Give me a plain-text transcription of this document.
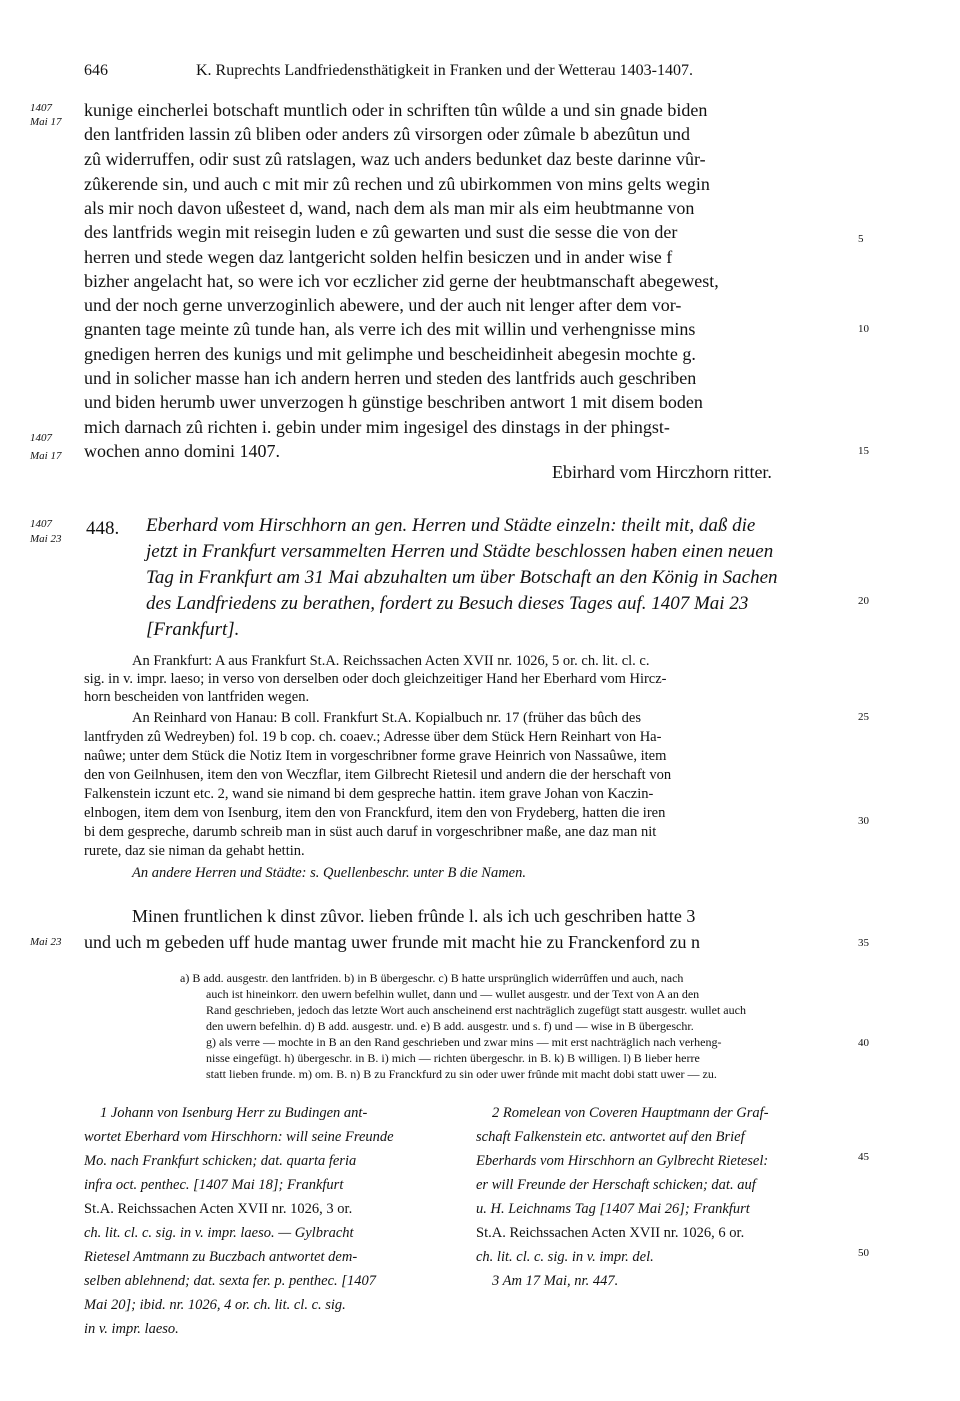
646	K. Ruprechts Landfriedensthätigkeit in Franken und der Wetterau 1403-1407.
1407
Mai 17
1407
Mai 17
kunige eincherlei botschaft muntlich oder in schriften tûn wûlde a und sin gnade biden
den lantfriden lassin zû bliben oder anders zû virsorgen oder zûmale b abezûtun und
zû widerruffen, odir sust zû ratslagen, waz uch anders bedunket daz beste darinne vûr-
zûkerende sin, und auch c mit mir zû rechen und zû ubirkommen von mins gelts wegin
als mir noch davon ußesteet d, wand, nach dem als man mir als eim heubtmanne von
des lantfrids wegin mit reisegin luden e zû gewarten und sust die sesse die von der
herren und stede wegen daz lantgericht solden helfin besiczen und in ander wise f
bizher angelacht hat, so were ich vor eczlicher zid gerne der heubtmanschaft abegewest,
und der noch gerne unverzoginlich abewere, und der auch nit lenger after dem vor-
gnanten tage meinte zû tunde han, als verre ich des mit willin und verhengnisse mins
gnedigen herren des kunigs und mit gelimphe und bescheidinheit abegesin mochte g.
und in solicher masse han ich andern herren und steden des lantfrids auch geschriben
und biden herumb uwer unverzogen h günstige beschriben antwort 1 mit disem boden
mich darnach zû richten i. gebin under mim ingesigel des dinstags in der phingst-
wochen anno domini 1407.
Ebirhard vom Hirczhorn ritter.
5
10
15
20
25
30
35
40
45
50
1407
Mai 23 448. Eberhard vom Hirschhorn an gen. Herren und Städte einzeln: theilt mit, daß die
jetzt in Frankfurt versammelten Herren und Städte beschlossen haben einen neuen
Tag in Frankfurt am 31 Mai abzuhalten um über Botschaft an den König in Sachen
des Landfriedens zu berathen, fordert zu Besuch dieses Tages auf. 1407 Mai 23
[Frankfurt].
An Frankfurt: A aus Frankfurt St.A. Reichssachen Acten XVII nr. 1026, 5 or. ch. lit. cl. c.
sig. in v. impr. laeso; in verso von derselben oder doch gleichzeitiger Hand her Eberhard vom Hircz-
horn bescheiden von lantfriden wegen.
An Reinhard von Hanau: B coll. Frankfurt St.A. Kopialbuch nr. 17 (früher das bûch des
lantfryden zû Wedreyben) fol. 19 b cop. ch. coaev.; Adresse über dem Stück Hern Reinhart von Ha-
naûwe; unter dem Stück die Notiz Item in vorgeschribner forme grave Heinrich von Nassaûwe, item
den von Geilnhusen, item den von Weczflar, item Gilbrecht Rietesil und andern die der herschaft von
Falkenstein iczunt etc. 2, wand sie nimand bi dem gespreche hattin. item grave Johan von Kaczin-
elnbogen, item dem von Isenburg, item den von Franckfurd, item den von Frydeberg, hatten die iren
bi dem gespreche, darumb schreib man in süst auch daruf in vorgeschribner maße, ane daz man nit
rurete, daz sie niman da gehabt hettin.
An andere Herren und Städte: s. Quellenbeschr. unter B die Namen.
Minen fruntlichen k dinst zûvor. lieben frûnde l. als ich uch geschriben hatte 3
Mai 23 und uch m gebeden uff hude mantag uwer frunde mit macht hie zu Franckenford zu n
a) B add. ausgestr. den lantfriden. b) in B übergeschr. c) B hatte ursprünglich widerrûffen und auch, nach
auch ist hineinkorr. den uwern befelhin wullet, dann und — wullet ausgestr. und der Text von A an den
Rand geschrieben, jedoch das letzte Wort auch anscheinend erst nachträglich zugefügt statt ausgestr. wullet auch
den uwern befelhin. d) B add. ausgestr. und. e) B add. ausgestr. und s. f) und — wise in B übergeschr.
g) als verre — mochte in B an den Rand geschrieben und zwar mins — mit erst nachträglich nach verheng-
nisse eingefügt. h) übergeschr. in B. i) mich — richten übergeschr. in B. k) B willigen. l) B lieber herre
statt lieben frunde. m) om. B. n) B zu Franckfurd zu sin oder uwer frûnde mit macht dobi statt uwer — zu.
1 Johann von Isenburg Herr zu Budingen ant-
wortet Eberhard vom Hirschhorn: will seine Freunde
Mo. nach Frankfurt schicken; dat. quarta feria
infra oct. penthec. [1407 Mai 18]; Frankfurt
St.A. Reichssachen Acten XVII nr. 1026, 3 or.
ch. lit. cl. c. sig. in v. impr. laeso. — Gylbracht
Rietesel Amtmann zu Buczbach antwortet dem-
selben ablehnend; dat. sexta fer. p. penthec. [1407
Mai 20]; ibid. nr. 1026, 4 or. ch. lit. cl. c. sig.
in v. impr. laeso.
2 Romelean von Coveren Hauptmann der Graf-
schaft Falkenstein etc. antwortet auf den Brief
Eberhards vom Hirschhorn an Gylbrecht Rietesel:
er will Freunde der Herschaft schicken; dat. auf
u. H. Leichnams Tag [1407 Mai 26]; Frankfurt
St.A. Reichssachen Acten XVII nr. 1026, 6 or.
ch. lit. cl. c. sig. in v. impr. del.
3 Am 17 Mai, nr. 447.
